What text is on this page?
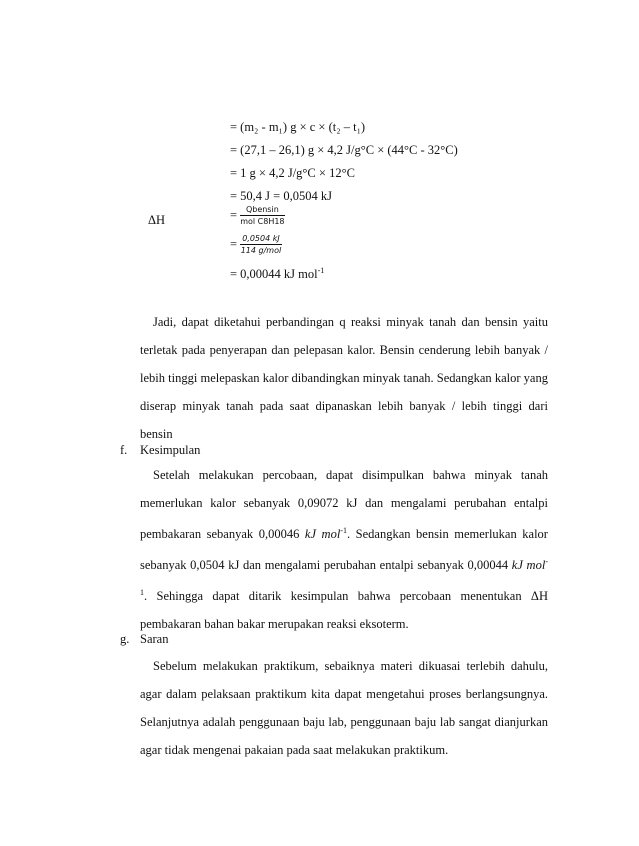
= (m₂ - m₁) g × c × (t₂ – t₁)
= (27,1 – 26,1) g × 4,2 J/g°C × (44°C - 32°C)
= 1 g × 4,2 J/g°C × 12°C
= 50,4 J = 0,0504 kJ
ΔH	= $\frac{\text{Qbensin}}{\text{mol C8H18}}$
= $\frac{0,0504 kJ}{\text{114 g/mol}}$
= 0,00044 kJ mol$^{-1}$
Jadi, dapat diketahui perbandingan q reaksi minyak tanah dan bensin yaitu terletak pada penyerapan dan pelepasan kalor. Bensin cenderung lebih banyak / lebih tinggi melepaskan kalor dibandingkan minyak tanah. Sedangkan kalor yang diserap minyak tanah pada saat dipanaskan lebih banyak / lebih tinggi dari bensin
f. Kesimpulan
Setelah melakukan percobaan, dapat disimpulkan bahwa minyak tanah memerlukan kalor sebanyak 0,09072 kJ dan mengalami perubahan entalpi pembakaran sebanyak 0,00046 kJ mol$^{-1}$. Sedangkan bensin memerlukan kalor sebanyak 0,0504 kJ dan mengalami perubahan entalpi sebanyak 0,00044 kJ mol$^{-1}$. Sehingga dapat ditarik kesimpulan bahwa percobaan menentukan ΔH pembakaran bahan bakar merupakan reaksi eksoterm.
g. Saran
Sebelum melakukan praktikum, sebaiknya materi dikuasai terlebih dahulu, agar dalam pelaksaan praktikum kita dapat mengetahui proses berlangsungnya. Selanjutnya adalah penggunaan baju lab, penggunaan baju lab sangat dianjurkan agar tidak mengenai pakaian pada saat melakukan praktikum.
